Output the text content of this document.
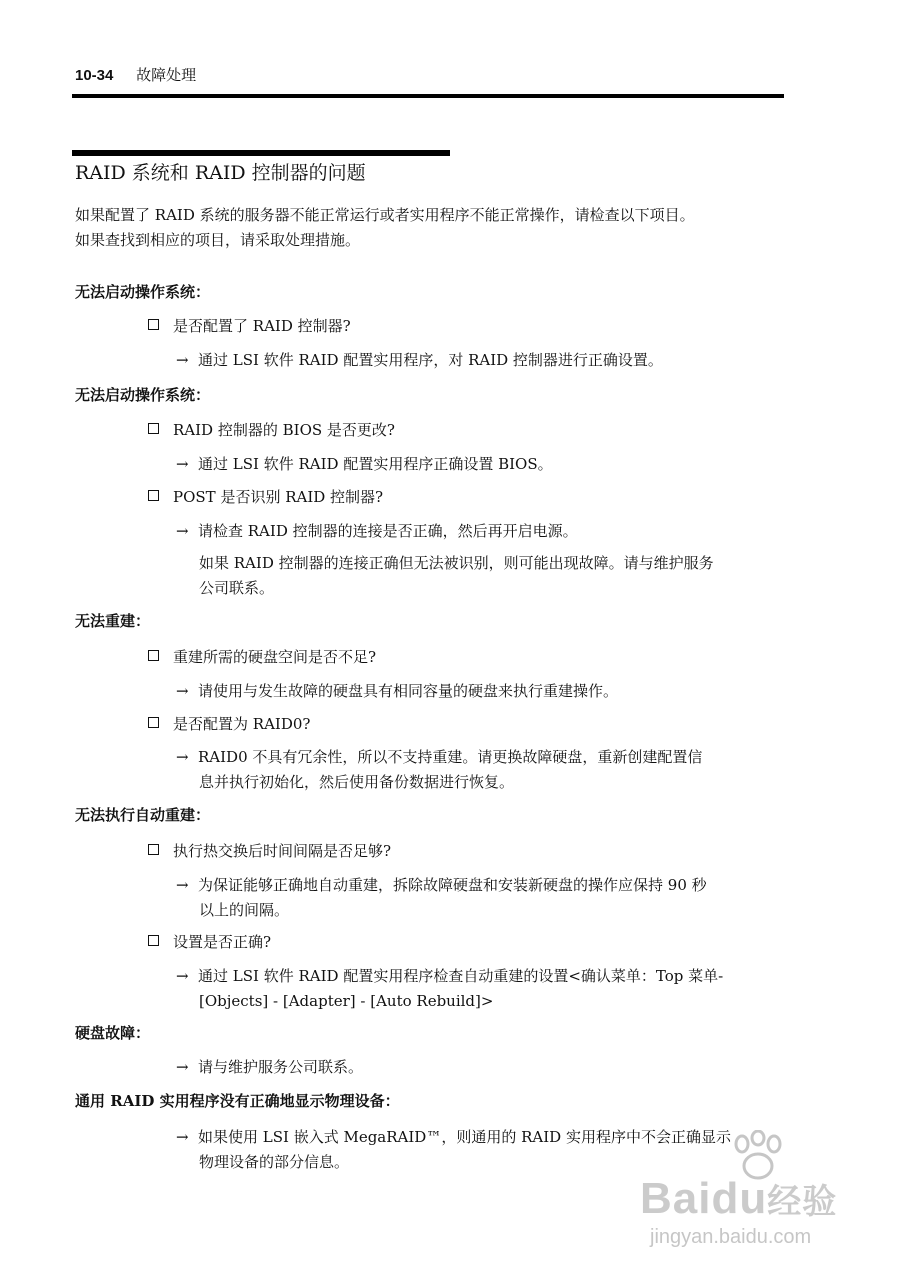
10-34 故障处理
RAID 系统和 RAID 控制器的问题
如果配置了 RAID 系统的服务器不能正常运行或者实用程序不能正常操作，请检查以下项目。
如果查找到相应的项目，请采取处理措施。
无法启动操作系统：
是否配置了 RAID 控制器?
→ 通过 LSI 软件 RAID 配置实用程序，对 RAID 控制器进行正确设置。
无法启动操作系统：
RAID 控制器的 BIOS 是否更改?
→ 通过 LSI 软件 RAID 配置实用程序正确设置 BIOS。
POST 是否识别 RAID 控制器?
→ 请检查 RAID 控制器的连接是否正确，然后再开启电源。
如果 RAID 控制器的连接正确但无法被识别，则可能出现故障。请与维护服务
公司联系。
无法重建：
重建所需的硬盘空间是否不足?
→ 请使用与发生故障的硬盘具有相同容量的硬盘来执行重建操作。
是否配置为 RAID0?
→ RAID0 不具有冗余性，所以不支持重建。请更换故障硬盘，重新创建配置信
息并执行初始化，然后使用备份数据进行恢复。
无法执行自动重建：
执行热交换后时间间隔是否足够?
→ 为保证能够正确地自动重建，拆除故障硬盘和安装新硬盘的操作应保持 90 秒
以上的间隔。
设置是否正确?
→ 通过 LSI 软件 RAID 配置实用程序检查自动重建的设置<确认菜单：Top 菜单-
[Objects] - [Adapter] - [Auto Rebuild]>
硬盘故障：
→ 请与维护服务公司联系。
通用 RAID 实用程序没有正确地显示物理设备：
→ 如果使用 LSI 嵌入式 MegaRAID™，则通用的 RAID 实用程序中不会正确显示
物理设备的部分信息。
Baidu经验
jingyan.baidu.com
